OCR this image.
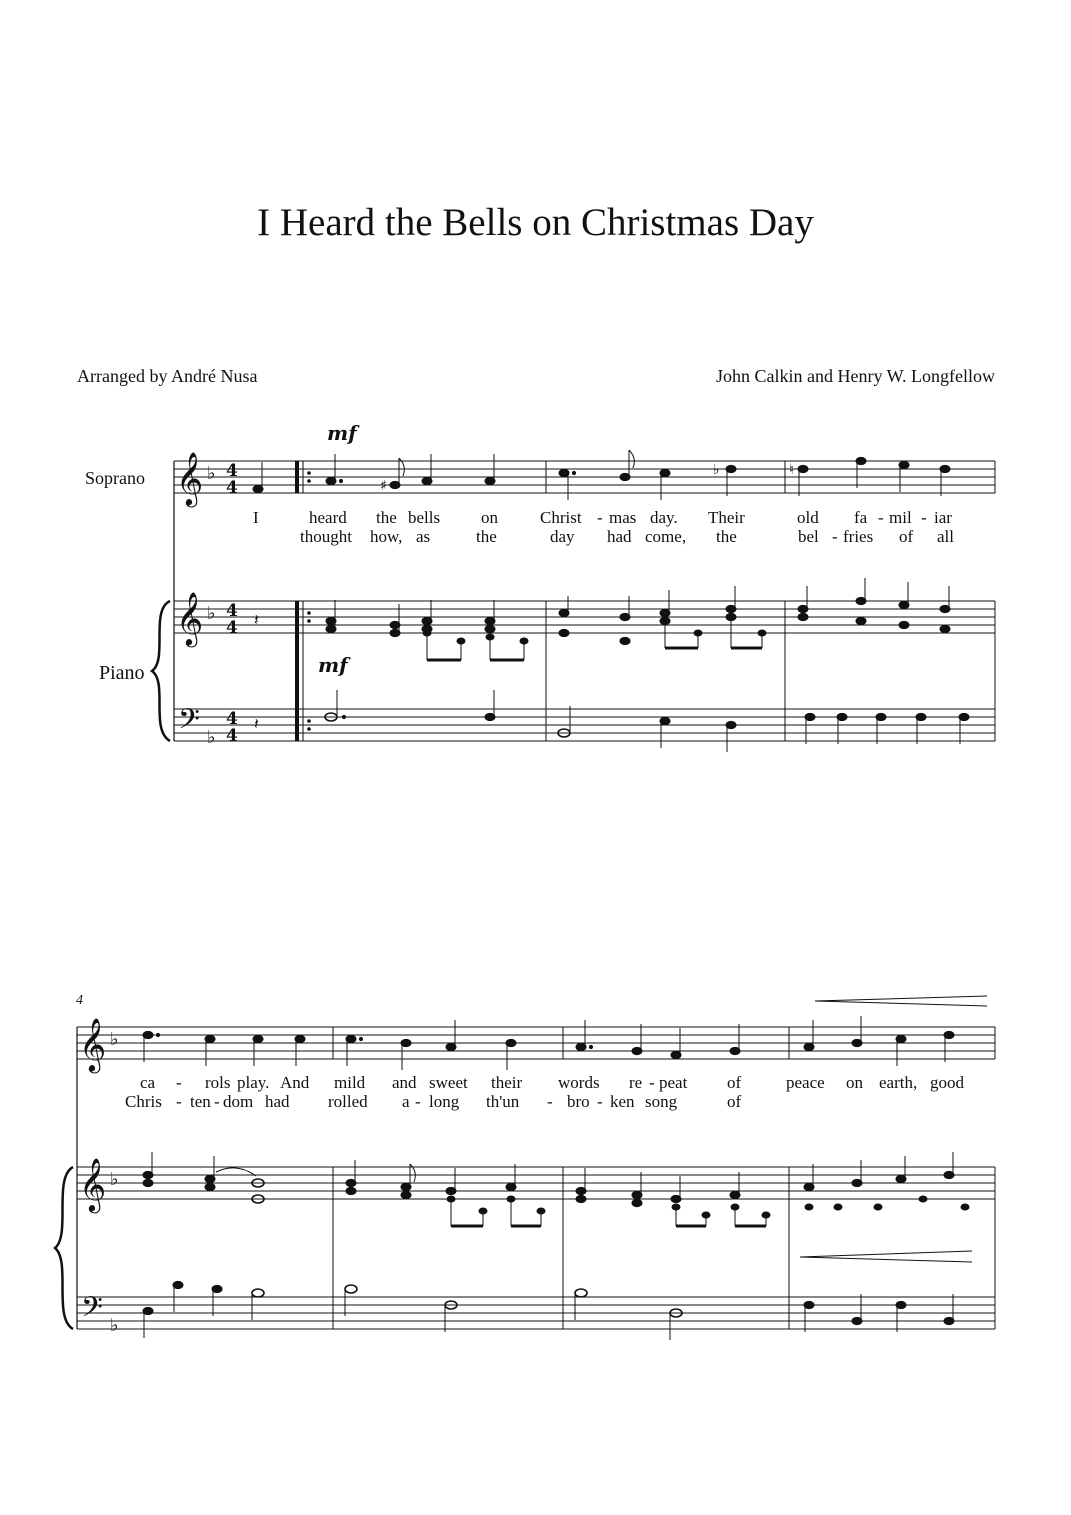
I Heard the Bells on Christmas Day
Arranged by André Nusa	John Calkin and Henry W. Longfellow
Soprano
Piano
mf
mf
4
I	heard the bells on Christ - mas day. Their	old fa - mil - iar
thought how, as	the	day had come, the	bel - fries of all
ca - rols play. And mild and sweet their words re - peat of	peace on earth, good
Chris - ten - dom had rolled a - long th'un - bro - ken song	of
𝄞
𝄞
𝄢
𝄞
𝄞
𝄢
♭
♭
♭
♭
♭
♭
4
4
4
4
4
4
♯
♭	♮
𝄽
𝄽
